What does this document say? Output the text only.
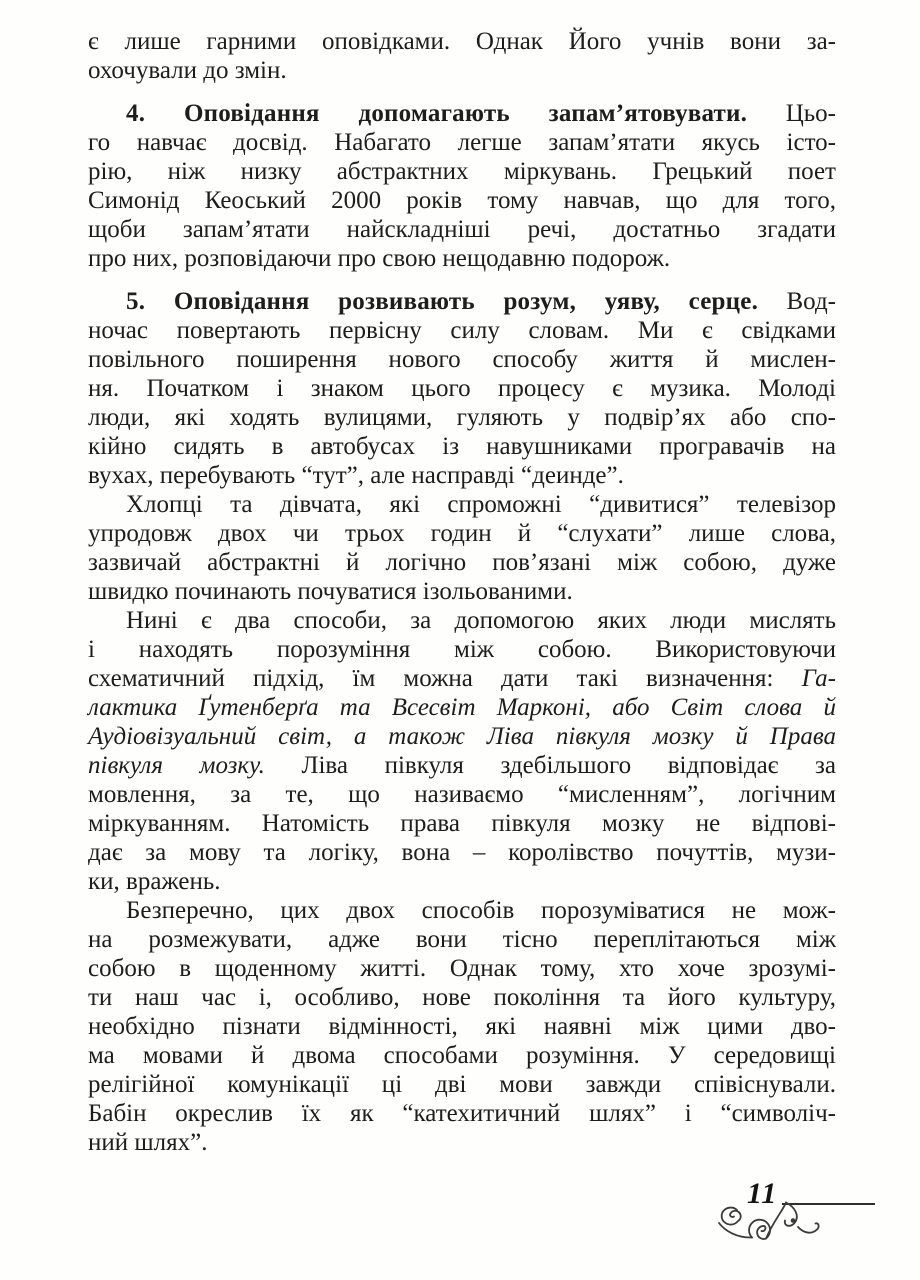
є лише гарними оповідками. Однак Його учнів вони за-
охочували до змін.
4. Оповідання допомагають запам’ятовувати. Цьо-
го навчає досвід. Набагато легше запам’ятати якусь істо-
рію, ніж низку абстрактних міркувань. Грецький поет
Симонід Кеоський 2000 років тому навчав, що для того,
щоби запам’ятати найскладніші речі, достатньо згадати
про них, розповідаючи про свою нещодавню подорож.
5. Оповідання розвивають розум, уяву, серце. Вод-
ночас повертають первісну силу словам. Ми є свідками
повільного поширення нового способу життя й мислен-
ня. Початком і знаком цього процесу є музика. Молоді
люди, які ходять вулицями, гуляють у подвір’ях або спо-
кійно сидять в автобусах із навушниками програвачів на
вухах, перебувають “тут”, але насправді “деинде”.
Хлопці та дівчата, які спроможні “дивитися” телевізор
упродовж двох чи трьох годин й “слухати” лише слова,
зазвичай абстрактні й логічно пов’язані між собою, дуже
швидко починають почуватися ізольованими.
Нині є два способи, за допомогою яких люди мислять
і находять порозуміння між собою. Використовуючи
схематичний підхід, їм можна дати такі визначення: Га-
лактика Ґутенберґа та Всесвіт Марконі, або Світ слова й
Аудіовізуальний світ, а також Ліва півкуля мозку й Права
півкуля мозку. Ліва півкуля здебільшого відповідає за
мовлення, за те, що називаємо “мисленням”, логічним
міркуванням. Натомість права півкуля мозку не відпові-
дає за мову та логіку, вона – королівство почуттів, музи-
ки, вражень.
Безперечно, цих двох способів порозуміватися не мож-
на розмежувати, адже вони тісно переплітаються між
собою в щоденному житті. Однак тому, хто хоче зрозумі-
ти наш час і, особливо, нове покоління та його культуру,
необхідно пізнати відмінності, які наявні між цими дво-
ма мовами й двома способами розуміння. У середовищі
релігійної комунікації ці дві мови завжди співіснували.
Бабін окреслив їх як “катехитичний шлях” і “символіч-
ний шлях”.
11
